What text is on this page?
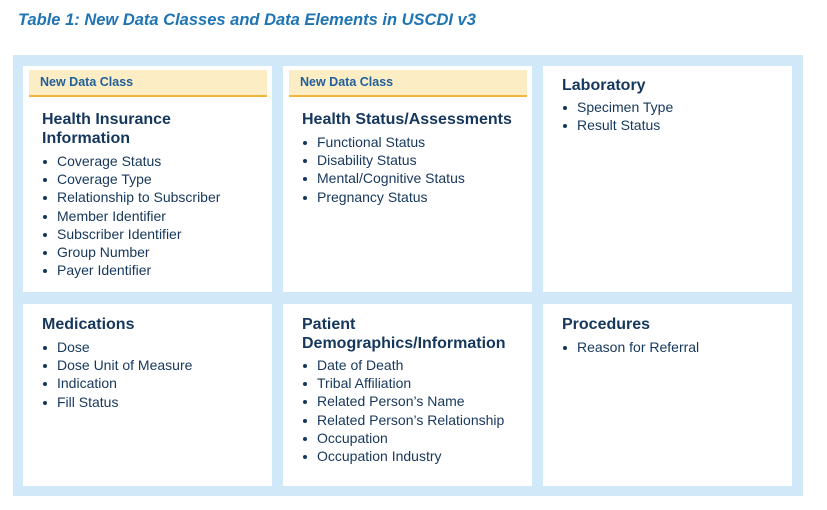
Table 1: New Data Classes and Data Elements in USCDI v3
New Data Class
Health Insurance Information
Coverage Status
Coverage Type
Relationship to Subscriber
Member Identifier
Subscriber Identifier
Group Number
Payer Identifier
New Data Class
Health Status/Assessments
Functional Status
Disability Status
Mental/Cognitive Status
Pregnancy Status
Laboratory
Specimen Type
Result Status
Medications
Dose
Dose Unit of Measure
Indication
Fill Status
Patient Demographics/Information
Date of Death
Tribal Affiliation
Related Person’s Name
Related Person’s Relationship
Occupation
Occupation Industry
Procedures
Reason for Referral
